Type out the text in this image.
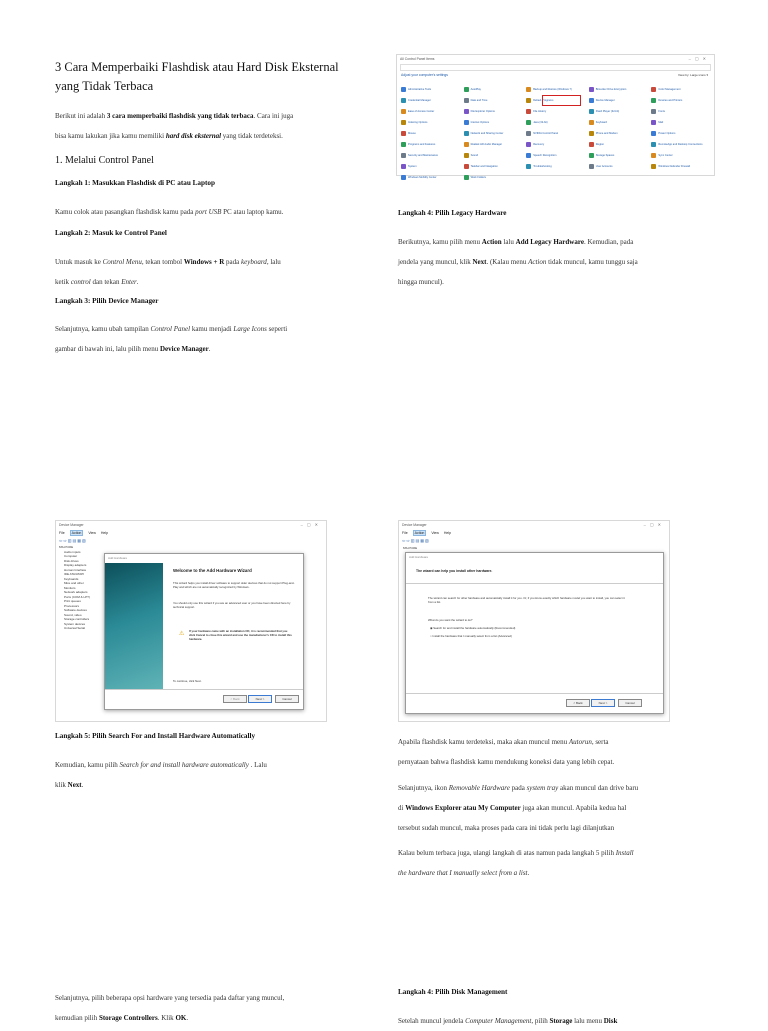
3 Cara Memperbaiki Flashdisk atau Hard Disk Eksternal
yang Tidak Terbaca
Berikut ini adalah 3 cara memperbaiki flashdisk yang tidak terbaca. Cara ini juga
bisa kamu lakukan jika kamu memiliki hard disk eksternal yang tidak terdeteksi.
1. Melalui Control Panel
Langkah 1: Masukkan Flashdisk di PC atau Laptop
Kamu colok atau pasangkan flashdisk kamu pada port USB PC atau laptop kamu.
Langkah 2: Masuk ke Control Panel
Untuk masuk ke Control Menu, tekan tombol Windows + R pada keyboard, lalu
ketik control dan tekan Enter.
Langkah 3: Pilih Device Manager
Selanjutnya, kamu ubah tampilan Control Panel kamu menjadi Large Icons seperti
gambar di bawah ini, lalu pilih menu Device Manager.
All Control Panel Items	–▢✕
Adjust your computer's settings	View by: Large icons ▾
Administrative Tools	AutoPlay	Backup and Restore (Windows 7)	BitLocker Drive Encryption	Color Management
Credential Manager	Date and Time	Default Programs	Device Manager	Devices and Printers
Ease of Access Center	File Explorer Options	File History	Flash Player (32-bit)	Fonts
Indexing Options	Internet Options	Java (32-bit)	Keyboard	Mail
Mouse	Network and Sharing Center	NVIDIA Control Panel	Phone and Modem	Power Options
Programs and Features	Realtek HD Audio Manager	Recovery	Region	RemoteApp and Desktop Connections
Security and Maintenance	Sound	Speech Recognition	Storage Spaces	Sync Center
System	Taskbar and Navigation	Troubleshooting	User Accounts	Windows Defender Firewall
Windows Mobility Center	Work Folders
Langkah 4: Pilih Legacy Hardware
Berikutnya, kamu pilih menu Action lalu Add Legacy Hardware. Kemudian, pada
jendela yang muncul, klik Next. (Kalau menu Action tidak muncul, kamu tunggu saja
hingga muncul).
Device Manager	–▢✕
File Action View Help
⇦⇨▥▤▦▧
MS-PC0IE
Audio inputs
Computer
Disk drives
Display adapters
Human Interface
IDE ATA/ATAPI
Keyboards
Mice and other
Monitors
Network adapters
Ports (COM & LPT)
Print queues
Processors
Software devices
Sound, video
Storage controllers
System devices
Universal Serial
Add Hardware
Welcome to the Add Hardware Wizard
This wizard helps you install driver software to support older devices that do not support Plug-and-Play and which are not automatically recognized by Windows.
You should only use this wizard if you are an advanced user or you have been directed here by technical support.
⚠ If your hardware came with an installation CD, it is recommended that you click Cancel to close this wizard and use the manufacturer's CD to install this hardware.
To continue, click Next.
< Back	Next >	Cancel
Langkah 5: Pilih Search For and Install Hardware Automatically
Kemudian, kamu pilih Search for and install hardware automatically . Lalu
klik Next.
Device Manager	–▢✕
File Action View Help
⇦⇨▥▤▦▧
MS-PC0IE
Add Hardware
The wizard can help you install other hardware.
The wizard can search for other hardware and automatically install it for you. Or, if you know exactly which hardware model you want to install, you can select it from a list.
What do you want the wizard to do?
◉ Search for and install the hardware automatically (Recommended)
○ Install the hardware that I manually select from a list (Advanced)
< Back	Next >	Cancel
Apabila flashdisk kamu terdeteksi, maka akan muncul menu Autorun, serta
pernyataan bahwa flashdisk kamu mendukung koneksi data yang lebih cepat.
Selanjutnya, ikon Removable Hardware pada system tray akan muncul dan drive baru
di Windows Explorer atau My Computer juga akan muncul. Apabila kedua hal
tersebut sudah muncul, maka proses pada cara ini tidak perlu lagi dilanjutkan
Kalau belum terbaca juga, ulangi langkah di atas namun pada langkah 5 pilih Install
the hardware that I manually select from a list.
Selanjutnya, pilih beberapa opsi hardware yang tersedia pada daftar yang muncul,
kemudian pilih Storage Controllers. Klik OK.
Langkah 4: Pilih Disk Management
Setelah muncul jendela Computer Management, pilih Storage lalu menu Disk
